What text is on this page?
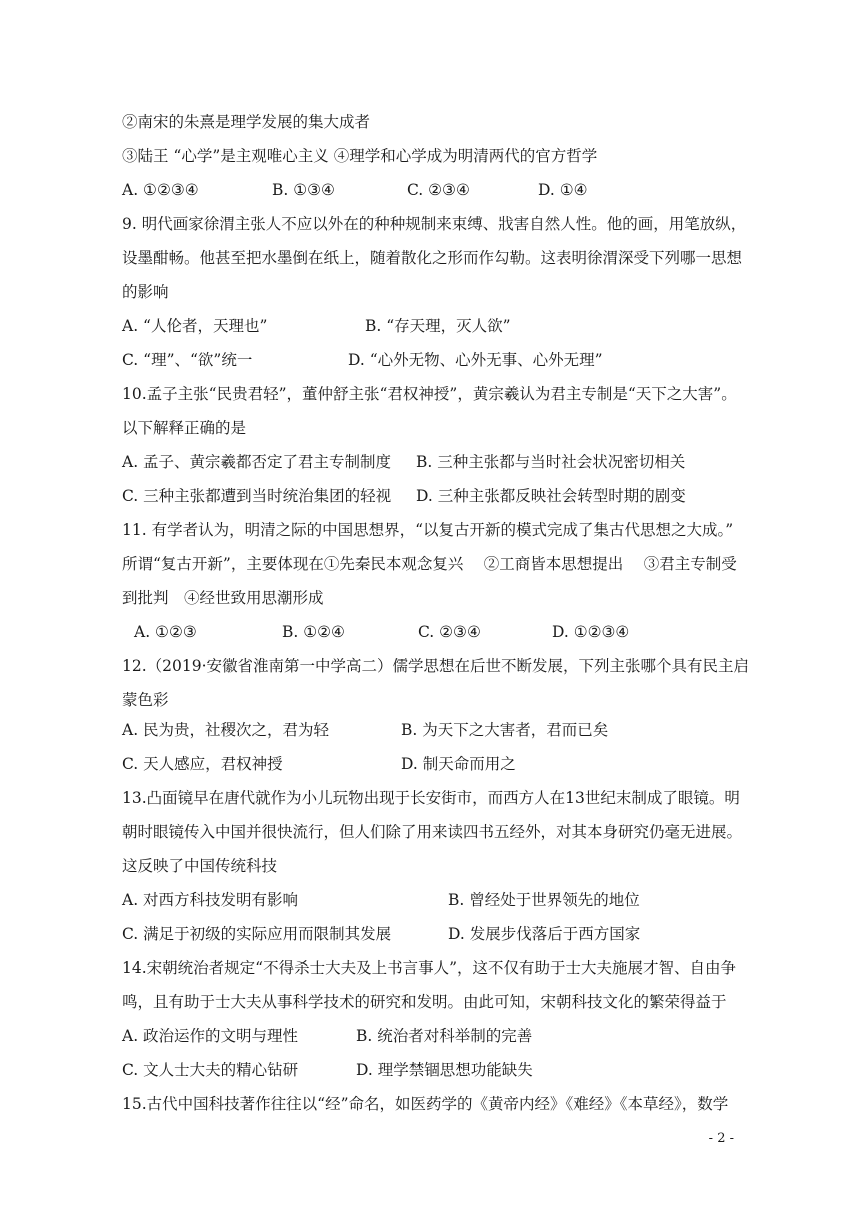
②南宋的朱熹是理学发展的集大成者
③陆王 “心学”是主观唯心主义 ④理学和心学成为明清两代的官方哲学
A. ①②③④	B. ①③④	C. ②③④	D. ①④
9. 明代画家徐渭主张人不应以外在的种种规制来束缚、戕害自然人性。他的画，用笔放纵，
设墨酣畅。他甚至把水墨倒在纸上，随着散化之形而作勾勒。这表明徐渭深受下列哪一思想
的影响
A. “人伦者，天理也”	B. “存天理，灭人欲”
C. “理”、“欲”统一	D. “心外无物、心外无事、心外无理”
10.孟子主张“民贵君轻”，董仲舒主张“君权神授”，黄宗羲认为君主专制是“天下之大害”。
以下解释正确的是
A. 孟子、黄宗羲都否定了君主专制制度 B. 三种主张都与当时社会状况密切相关
C. 三种主张都遭到当时统治集团的轻视 D. 三种主张都反映社会转型时期的剧变
11. 有学者认为，明清之际的中国思想界，“以复古开新的模式完成了集古代思想之大成。”
所谓“复古开新”，主要体现在①先秦民本观念复兴　 ②工商皆本思想提出　 ③君主专制受
到批判　④经世致用思潮形成
A. ①②③	B. ①②④	C. ②③④	D. ①②③④
12.（2019·安徽省淮南第一中学高二）儒学思想在后世不断发展，下列主张哪个具有民主启
蒙色彩
A. 民为贵，社稷次之，君为轻	B. 为天下之大害者，君而已矣
C. 天人感应，君权神授	D. 制天命而用之
13.凸面镜早在唐代就作为小儿玩物出现于长安街市，而西方人在13世纪末制成了眼镜。明
朝时眼镜传入中国并很快流行，但人们除了用来读四书五经外，对其本身研究仍毫无进展。
这反映了中国传统科技
A. 对西方科技发明有影响	B. 曾经处于世界领先的地位
C. 满足于初级的实际应用而限制其发展	D. 发展步伐落后于西方国家
14.宋朝统治者规定“不得杀士大夫及上书言事人”，这不仅有助于士大夫施展才智、自由争
鸣，且有助于士大夫从事科学技术的研究和发明。由此可知，宋朝科技文化的繁荣得益于
A. 政治运作的文明与理性	B. 统治者对科举制的完善
C. 文人士大夫的精心钻研	D. 理学禁锢思想功能缺失
15.古代中国科技著作往往以“经”命名，如医药学的《黄帝内经》《难经》《本草经》，数学
- 2 -
